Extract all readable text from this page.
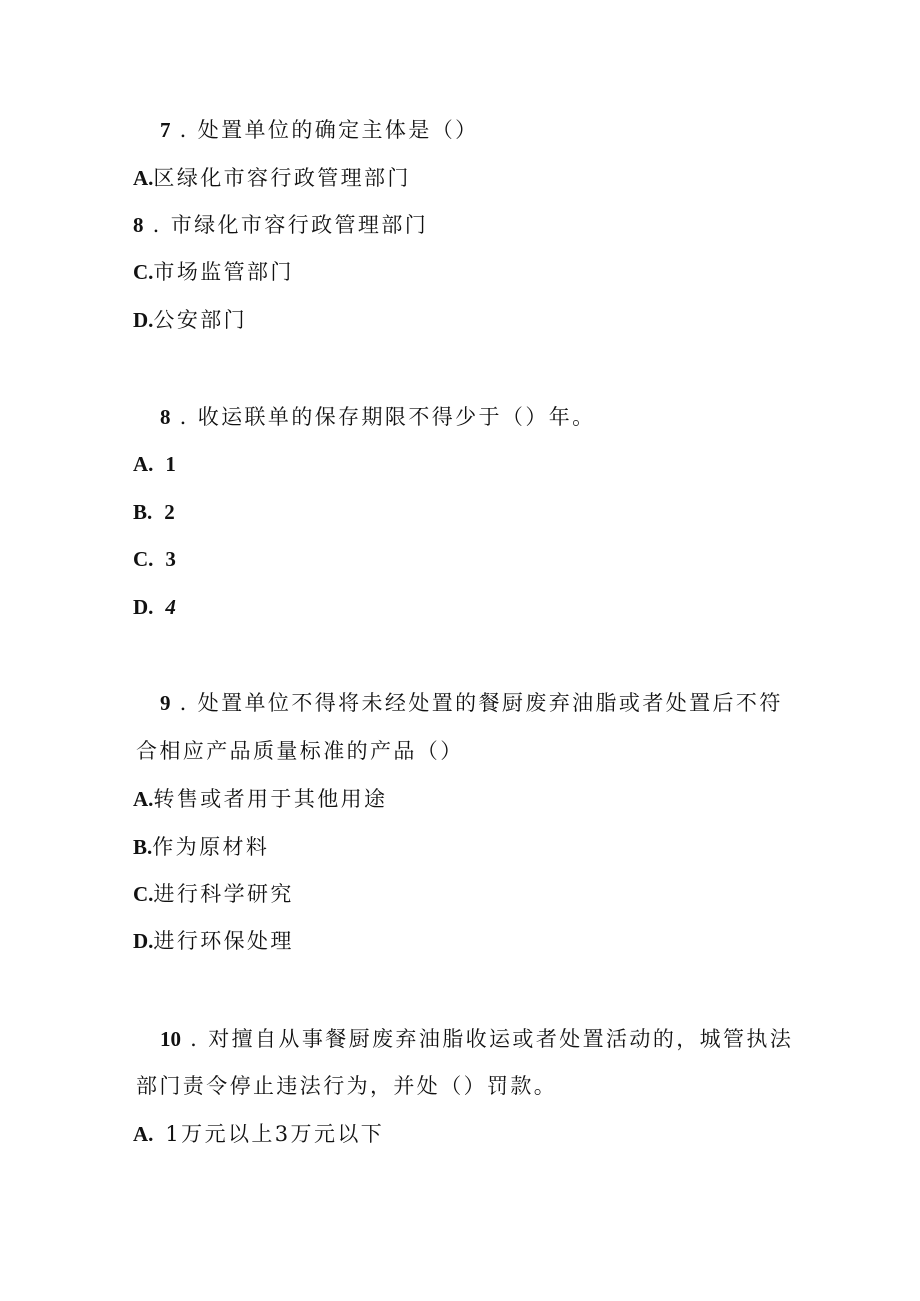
7 . 处置单位的确定主体是（）
A.区绿化市容行政管理部门
8 . 市绿化市容行政管理部门
C.市场监管部门
D.公安部门
8 . 收运联单的保存期限不得少于（）年。
A. 1
B. 2
C. 3
D. 4
9 . 处置单位不得将未经处置的餐厨废弃油脂或者处置后不符
合相应产品质量标准的产品（）
A.转售或者用于其他用途
B.作为原材料
C.进行科学研究
D.进行环保处理
10 . 对擅自从事餐厨废弃油脂收运或者处置活动的，城管执法
部门责令停止违法行为，并处（）罚款。
A. 1万元以上3万元以下
